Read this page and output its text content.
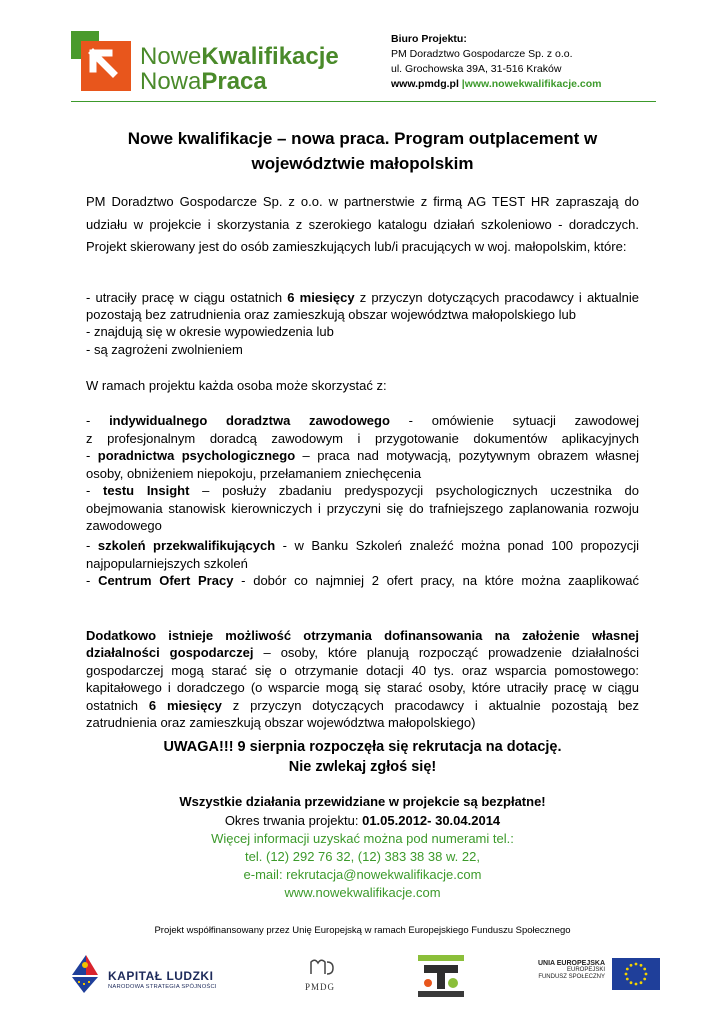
NoweKwalifikacje
NowaPraca
Biuro Projektu:
PM Doradztwo Gospodarcze Sp. z o.o.
ul. Grochowska 39A, 31-516 Kraków
www.pmdg.pl |www.nowekwalifikacje.com
Nowe kwalifikacje – nowa praca. Program outplacement w województwie małopolskim
PM Doradztwo Gospodarcze Sp. z o.o. w partnerstwie z firmą AG TEST HR zapraszają do udziału w projekcie i skorzystania z szerokiego katalogu działań szkoleniowo - doradczych. Projekt skierowany jest do osób zamieszkujących lub/i pracujących w woj. małopolskim, które:
- utraciły pracę w ciągu ostatnich 6 miesięcy z przyczyn dotyczących pracodawcy i aktualnie
pozostają bez zatrudnienia oraz zamieszkują obszar województwa małopolskiego lub
- znajdują się w okresie wypowiedzenia lub
- są zagrożeni zwolnieniem
W ramach projektu każda osoba może skorzystać z:
- indywidualnego doradztwa zawodowego - omówienie sytuacji zawodowej
z profesjonalnym doradcą zawodowym i przygotowanie dokumentów aplikacyjnych
- poradnictwa psychologicznego – praca nad motywacją, pozytywnym obrazem własnej
osoby, obniżeniem niepokoju, przełamaniem zniechęcenia
- testu Insight – posłuży zbadaniu predyspozycji psychologicznych uczestnika do
obejmowania stanowisk kierowniczych i przyczyni się do trafniejszego zaplanowania rozwoju
zawodowego
- szkoleń przekwalifikujących - w Banku Szkoleń znaleźć można ponad 100 propozycji
najpopularniejszych szkoleń
- Centrum Ofert Pracy - dobór co najmniej 2 ofert pracy, na które można zaaplikować
Dodatkowo istnieje możliwość otrzymania dofinansowania na założenie własnej
działalności gospodarczej – osoby, które planują rozpocząć prowadzenie działalności
gospodarczej mogą starać się o otrzymanie dotacji 40 tys. oraz wsparcia pomostowego:
kapitałowego i doradczego (o wsparcie mogą się starać osoby, które utraciły pracę w ciągu
ostatnich 6 miesięcy z przyczyn dotyczących pracodawcy i aktualnie pozostają bez
zatrudnienia oraz zamieszkują obszar województwa małopolskiego)
UWAGA!!! 9 sierpnia rozpoczęła się rekrutacja na dotację.
Nie zwlekaj zgłoś się!
Wszystkie działania przewidziane w projekcie są bezpłatne!
Okres trwania projektu: 01.05.2012- 30.04.2014
Więcej informacji uzyskać można pod numerami tel.:
tel. (12) 292 76 32, (12) 383 38 38 w. 22,
e-mail: rekrutacja@nowekwalifikacje.com
www.nowekwalifikacje.com
Projekt współfinansowany przez Unię Europejską w ramach Europejskiego Funduszu Społecznego
KAPITAŁ LUDZKI
NARODOWA STRATEGIA SPÓJNOŚCI	PMDG
UNIA EUROPEJSKA
EUROPEJSKI
FUNDUSZ SPOŁECZNY
